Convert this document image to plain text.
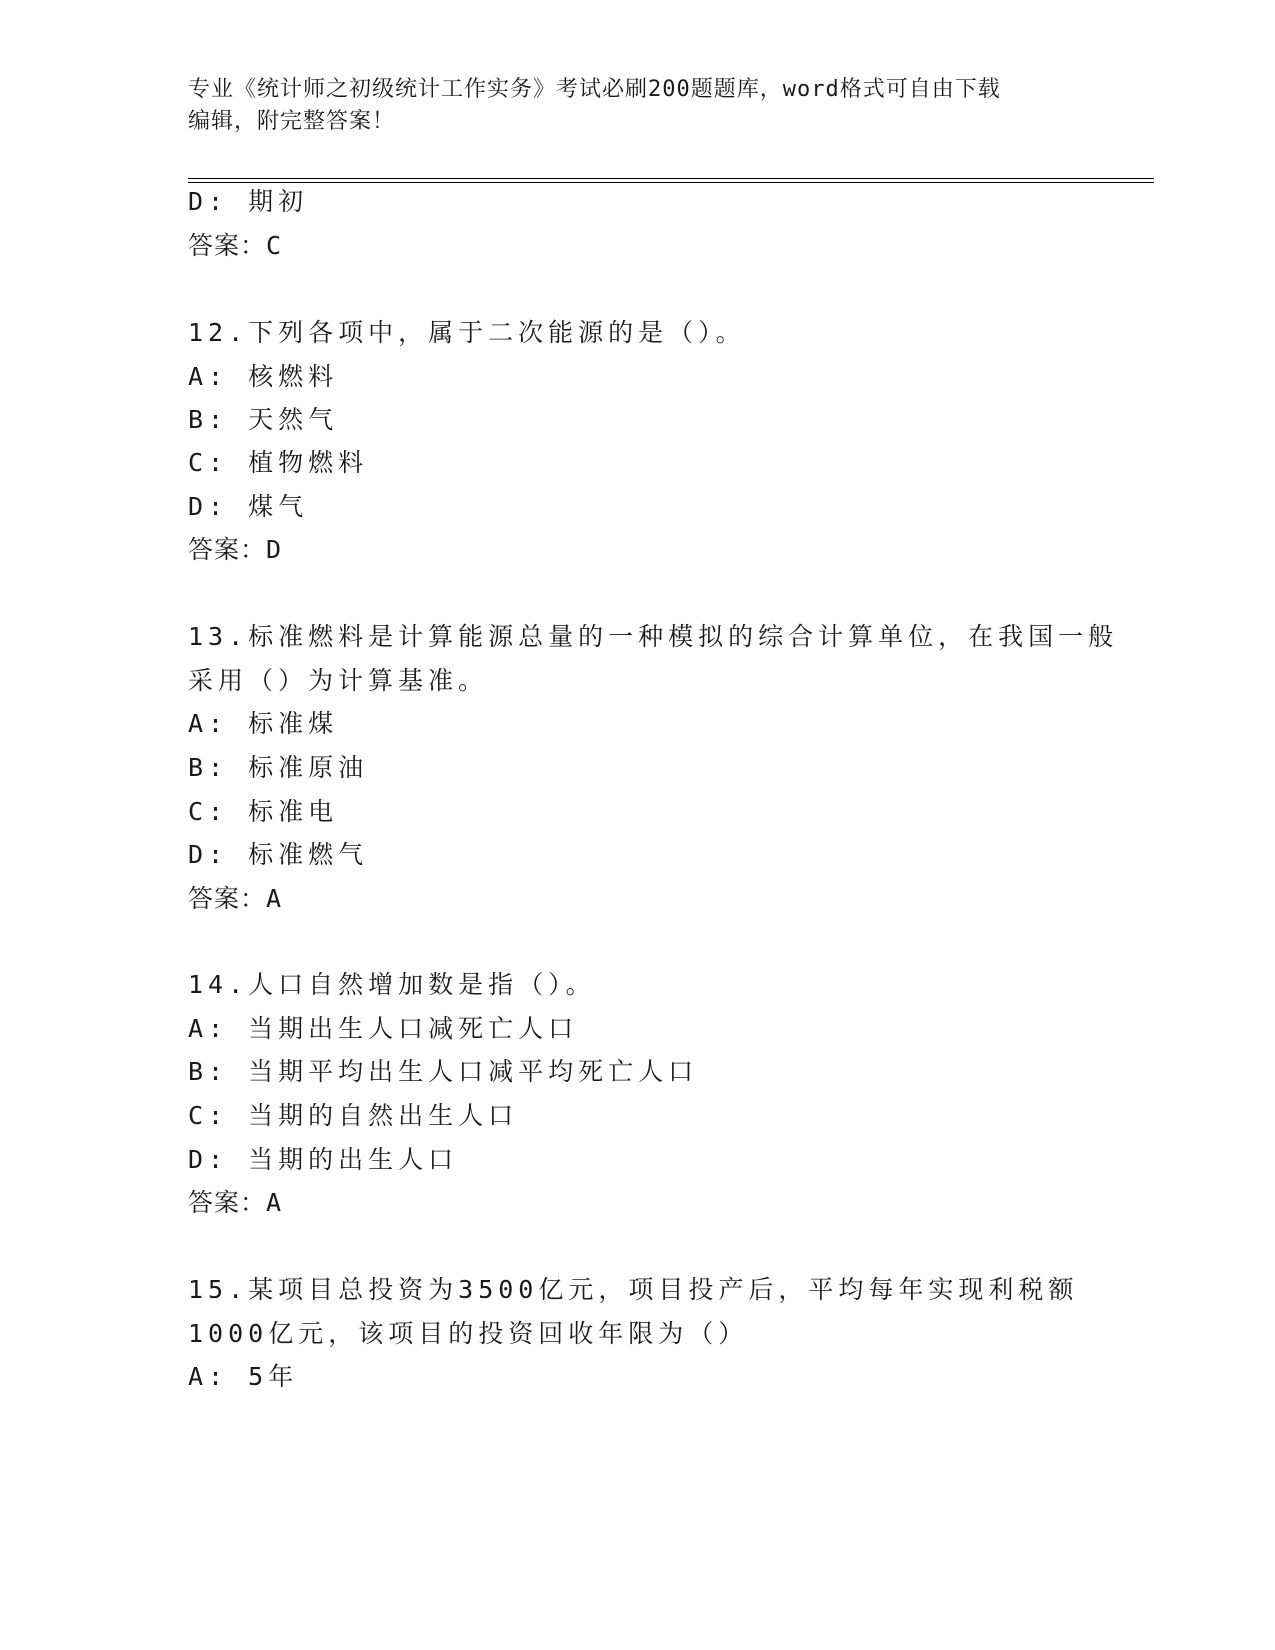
专业《统计师之初级统计工作实务》考试必刷200题题库，word格式可自由下载
编辑，附完整答案！
D: 期初
答案：C
12.下列各项中，属于二次能源的是（）。
A: 核燃料
B: 天然气
C: 植物燃料
D: 煤气
答案：D
13.标准燃料是计算能源总量的一种模拟的综合计算单位，在我国一般
采用（）为计算基准。
A: 标准煤
B: 标准原油
C: 标准电
D: 标准燃气
答案：A
14.人口自然增加数是指（）。
A: 当期出生人口减死亡人口
B: 当期平均出生人口减平均死亡人口
C: 当期的自然出生人口
D: 当期的出生人口
答案：A
15.某项目总投资为3500亿元，项目投产后，平均每年实现利税额
1000亿元，该项目的投资回收年限为（）
A: 5年
